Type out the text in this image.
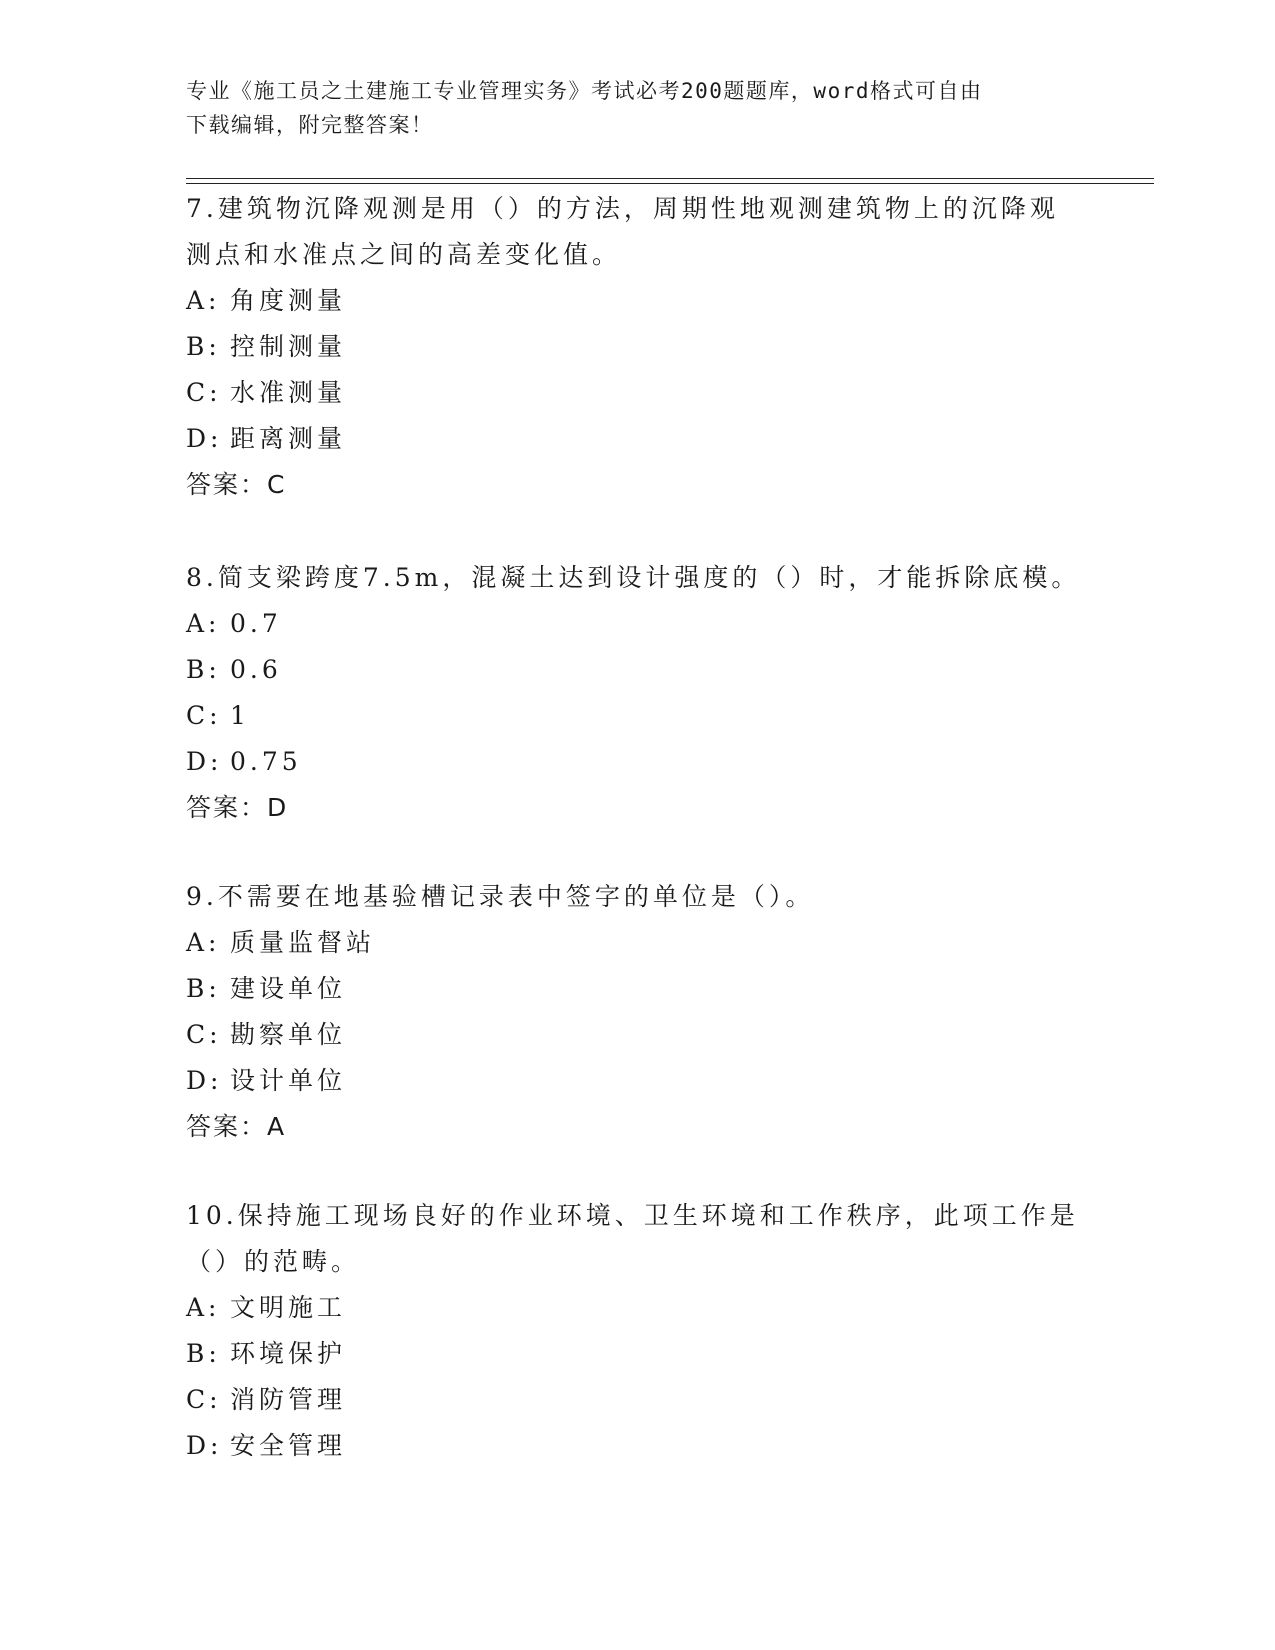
专业《施工员之土建施工专业管理实务》考试必考200题题库，word格式可自由
下载编辑，附完整答案！
7.建筑物沉降观测是用（）的方法，周期性地观测建筑物上的沉降观
测点和水准点之间的高差变化值。
A: 角度测量
B: 控制测量
C: 水准测量
D: 距离测量
答案：C
8.简支梁跨度7.5m，混凝土达到设计强度的（）时，才能拆除底模。
A: 0.7
B: 0.6
C: 1
D: 0.75
答案：D
9.不需要在地基验槽记录表中签字的单位是（）。
A: 质量监督站
B: 建设单位
C: 勘察单位
D: 设计单位
答案：A
10.保持施工现场良好的作业环境、卫生环境和工作秩序，此项工作是
（）的范畴。
A: 文明施工
B: 环境保护
C: 消防管理
D: 安全管理
